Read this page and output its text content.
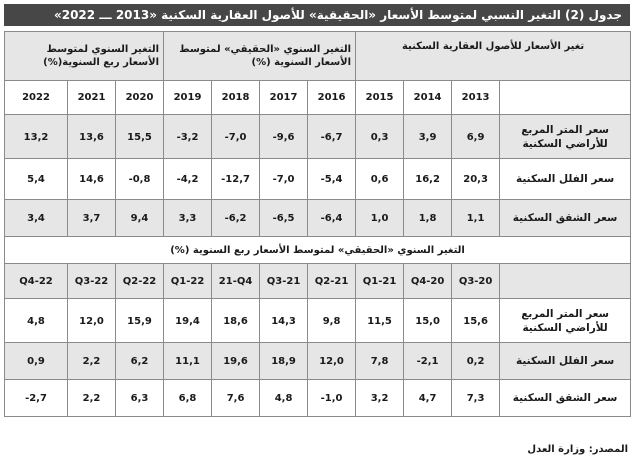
جدول (2) التغير النسبي لمتوسط الأسعار «الحقيقية» للأصول العقارية السكنية «2013 ـــ 2022»
تغير الأسعار للأصول العقارية السكنية				التغير السنوي «الحقيقي» لمتوسط الأسعار السنوية (%)				التغير السنوي لمتوسط الأسعار ربع السنوية(%)		
	2013	2014	2015	2016	2017	2018	2019	2020	2021	2022
سعر المتر المربع للأراضي السكنية	6,9	3,9	0,3	-6,7	-9,6	-7,0	-3,2	15,5	13,6	13,2
سعر الفلل السكنية	20,3	16,2	0,6	-5,4	-7,0	-12,7	-4,2	-0,8	14,6	5,4
سعر الشقق السكنية	1,1	1,8	1,0	-6,4	-6,5	-6,2	3,3	9,4	3,7	3,4
التغير السنوي «الحقيقي» لمتوسط الأسعار ربع السنوية (%)										
	Q3-20	Q4-20	Q1-21	Q2-21	Q3-21	21-Q4	Q1-22	Q2-22	Q3-22	Q4-22
سعر المتر المربع للأراضي السكنية	15,6	15,0	11,5	9,8	14,3	18,6	19,4	15,9	12,0	4,8
سعر الفلل السكنية	0,2	-2,1	7,8	12,0	18,9	19,6	11,1	6,2	2,2	0,9
سعر الشقق السكنية	7,3	4,7	3,2	-1,0	4,8	7,6	6,8	6,3	2,2	-2,7
المصدر: وزارة العدل
